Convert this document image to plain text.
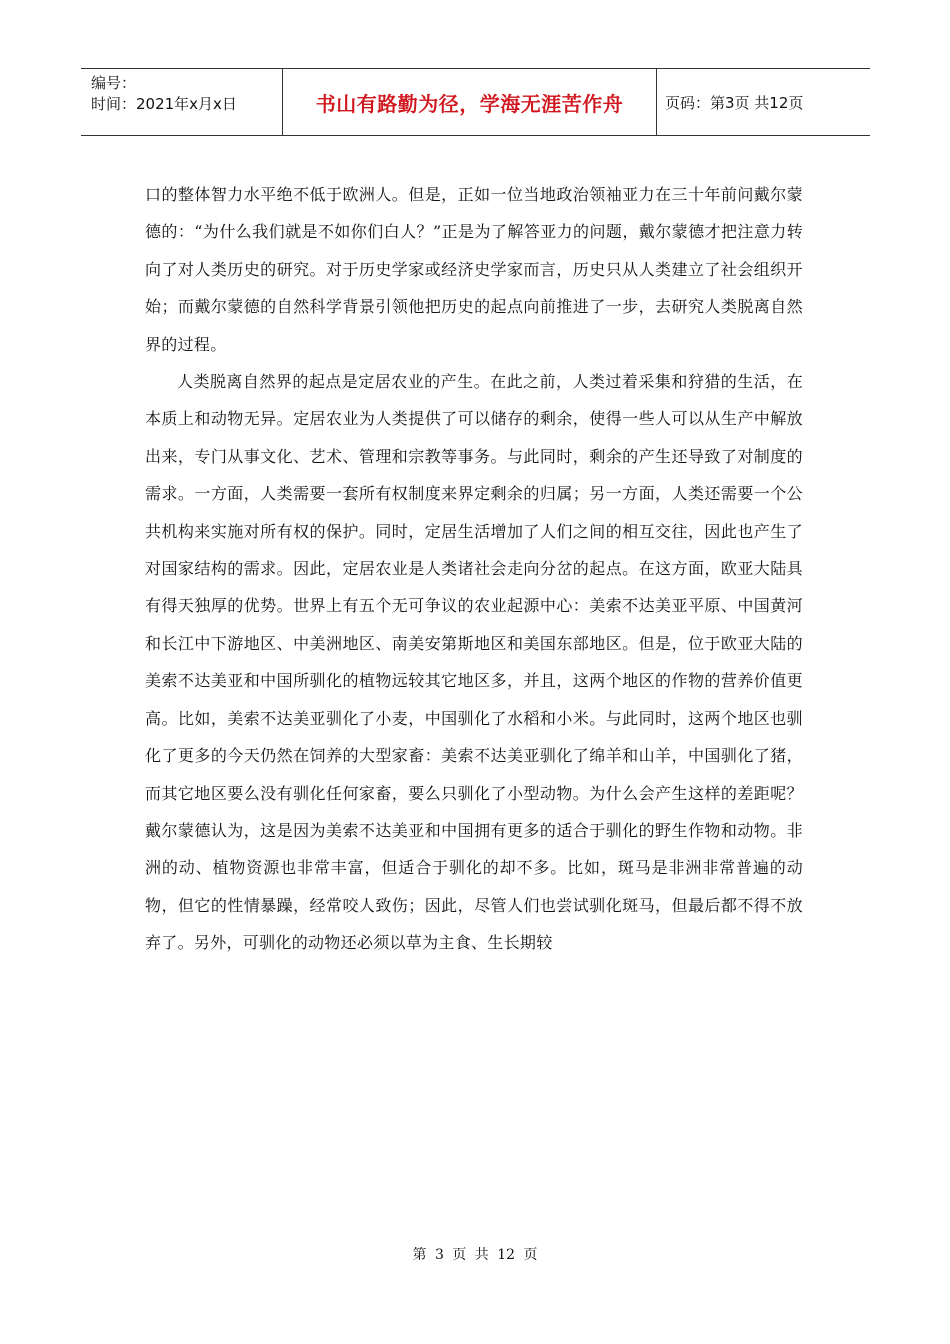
编号：
时间：2021年x月x日	书山有路勤为径，学海无涯苦作舟	页码：第3页 共12页

口的整体智力水平绝不低于欧洲人。但是，正如一位当地政治领袖亚力在三十年前问戴尔蒙德的：“为什么我们就是不如你们白人？”正是为了解答亚力的问题，戴尔蒙德才把注意力转向了对人类历史的研究。对于历史学家或经济史学家而言，历史只从人类建立了社会组织开始；而戴尔蒙德的自然科学背景引领他把历史的起点向前推进了一步，去研究人类脱离自然界的过程。

人类脱离自然界的起点是定居农业的产生。在此之前，人类过着采集和狩猎的生活，在本质上和动物无异。定居农业为人类提供了可以储存的剩余，使得一些人可以从生产中解放出来，专门从事文化、艺术、管理和宗教等事务。与此同时，剩余的产生还导致了对制度的需求。一方面，人类需要一套所有权制度来界定剩余的归属；另一方面，人类还需要一个公共机构来实施对所有权的保护。同时，定居生活增加了人们之间的相互交往，因此也产生了对国家结构的需求。因此，定居农业是人类诸社会走向分岔的起点。在这方面，欧亚大陆具有得天独厚的优势。世界上有五个无可争议的农业起源中心：美索不达美亚平原、中国黄河和长江中下游地区、中美洲地区、南美安第斯地区和美国东部地区。但是，位于欧亚大陆的美索不达美亚和中国所驯化的植物远较其它地区多，并且，这两个地区的作物的营养价值更高。比如，美索不达美亚驯化了小麦，中国驯化了水稻和小米。与此同时，这两个地区也驯化了更多的今天仍然在饲养的大型家畜：美索不达美亚驯化了绵羊和山羊，中国驯化了猪，而其它地区要么没有驯化任何家畜，要么只驯化了小型动物。为什么会产生这样的差距呢？戴尔蒙德认为，这是因为美索不达美亚和中国拥有更多的适合于驯化的野生作物和动物。非洲的动、植物资源也非常丰富，但适合于驯化的却不多。比如，斑马是非洲非常普遍的动物，但它的性情暴躁，经常咬人致伤；因此，尽管人们也尝试驯化斑马，但最后都不得不放弃了。另外，可驯化的动物还必须以草为主食、生长期较

第 3 页 共 12 页
